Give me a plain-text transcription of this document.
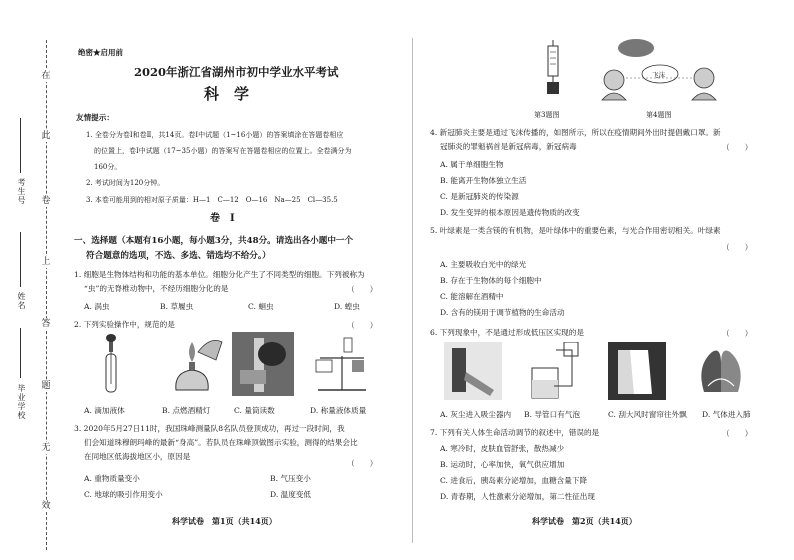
在
此
卷
上
答
题
无
效
考生号
姓名
毕业学校
绝密★启用前
2020年浙江省湖州市初中学业水平考试
科　学
友情提示：
1. 全卷分为卷Ⅰ和卷Ⅱ，共14页。卷Ⅰ中试题（1~16小题）的答案填涂在答题卷相应
的位置上，卷Ⅰ中试题（17~35小题）的答案写在答题卷相应的位置上。全卷满分为
160分。
2. 考试时间为120分钟。
3. 本卷可能用到的相对原子质量：H—1　C—12　O—16　Na—25　Cl—35.5
卷　Ⅰ
一、选择题（本题有16小题，每小题3分，共48分。请选出各小题中一个
符合题意的选项，不选、多选、错选均不给分。）
1. 细胞是生物体结构和功能的基本单位。细胞分化产生了不同类型的细胞。下列被称为
“虫”的无脊椎动物中，不经历细胞分化的是	（　　）
A. 涡虫	B. 草履虫	C. 蛔虫	D. 蝗虫
2. 下列实验操作中，规范的是	（　　）
A. 滴加液体	B. 点燃酒精灯	C. 量筒读数	D. 称量液体质量
3. 2020年5月27日11时，我国珠峰测量队8名队员登顶成功，再过一段时间，我
们会知道珠穆朗玛峰的最新“身高”。若队员在珠峰顶做图示实验，测得的结果会比
在同地区低海拔地区小，原因是
（　　）
A. 重物质量变小	B. 气压变小
C. 地球的吸引作用变小	D. 温度变低
科学试卷　第1页（共14页）
飞沫
第3题图	第4题图
4. 新冠肺炎主要是通过飞沫传播的，如图所示，所以在疫情期间外出时提倡戴口罩。新
冠肺炎的罪魁祸首是新冠病毒，新冠病毒	（　　）
A. 属于单细胞生物
B. 能离开生物体独立生活
C. 是新冠肺炎的传染源
D. 发生变异的根本原因是遗传物质的改变
5. 叶绿素是一类含镁的有机物，是叶绿体中的重要色素，与光合作用密切相关。叶绿素
（　　）
A. 主要吸收白光中的绿光
B. 存在于生物体的每个细胞中
C. 能溶解在酒精中
D. 含有的镁用于调节植物的生命活动
6. 下列现象中，不是通过形成低压区实现的是	（　　）
A. 灰尘进入吸尘器内 B. 导管口有气泡	C. 刮大风时窗帘往外飘 D. 气体进入肺
7. 下列有关人体生命活动调节的叙述中，错误的是	（　　）
A. 寒冷时，皮肤血管舒张，散热减少
B. 运动时，心率加快，氧气供应增加
C. 进食后，胰岛素分泌增加，血糖含量下降
D. 青春期，人性激素分泌增加，第二性征出现
科学试卷　第2页（共14页）
